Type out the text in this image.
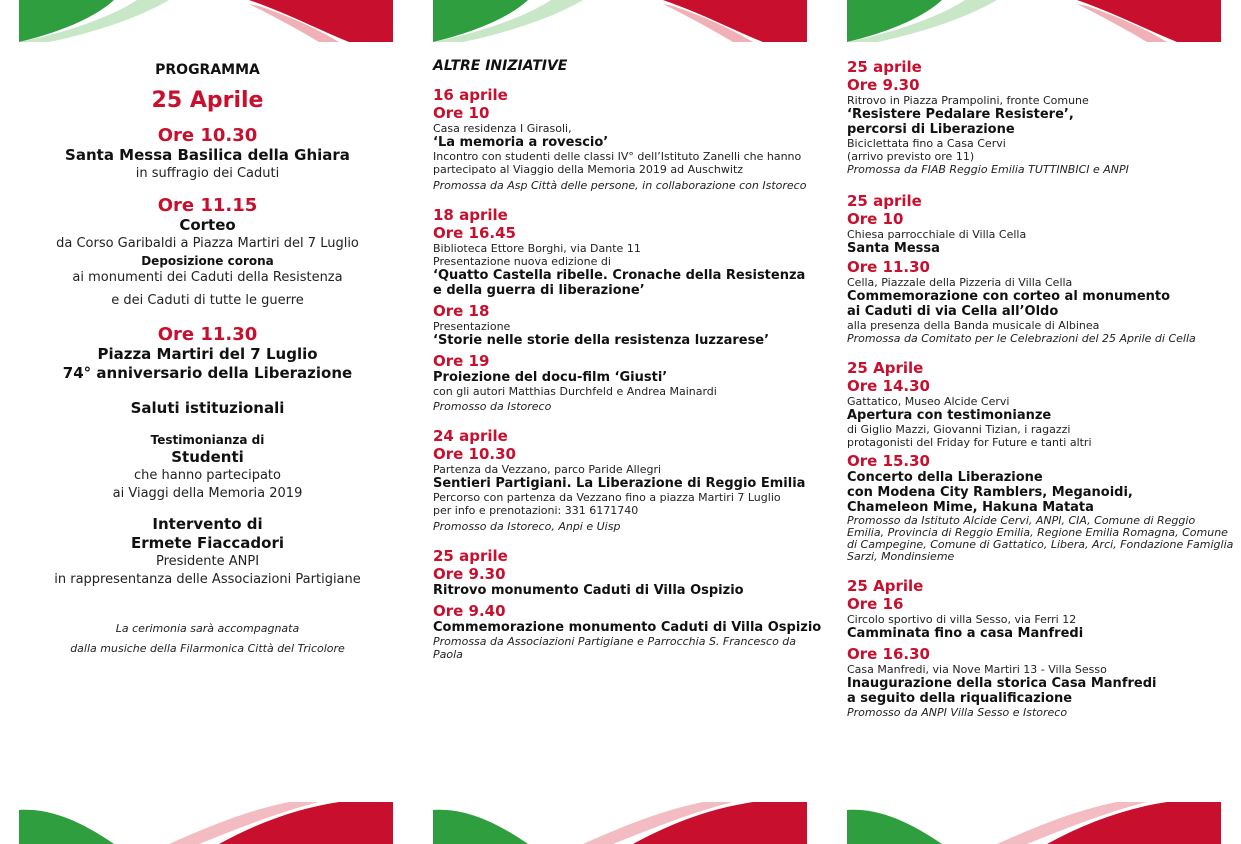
PROGRAMMA
25 Aprile
Ore 10.30
Santa Messa Basilica della Ghiara
in suffragio dei Caduti
Ore 11.15
Corteo
da Corso Garibaldi a Piazza Martiri del 7 Luglio
Deposizione corona
ai monumenti dei Caduti della Resistenza
e dei Caduti di tutte le guerre
Ore 11.30
Piazza Martiri del 7 Luglio
74° anniversario della Liberazione
Saluti istituzionali
Testimonianza di
Studenti
che hanno partecipato
ai Viaggi della Memoria 2019
Intervento di
Ermete Fiaccadori
Presidente ANPI
in rappresentanza delle Associazioni Partigiane
La cerimonia sarà accompagnata
dalla musiche della Filarmonica Città del Tricolore
ALTRE INIZIATIVE
16 aprile
Ore 10
Casa residenza I Girasoli,
‘La memoria a rovescio’
Incontro con studenti delle classi IV° dell’Istituto Zanelli che hanno
partecipato al Viaggio della Memoria 2019 ad Auschwitz
Promossa da Asp Città delle persone, in collaborazione con Istoreco
18 aprile
Ore 16.45
Biblioteca Ettore Borghi, via Dante 11
Presentazione nuova edizione di
‘Quatto Castella ribelle. Cronache della Resistenza
e della guerra di liberazione’
Ore 18
Presentazione
‘Storie nelle storie della resistenza luzzarese’
Ore 19
Proiezione del docu-film ‘Giusti’
con gli autori Matthias Durchfeld e Andrea Mainardi
Promosso da Istoreco
24 aprile
Ore 10.30
Partenza da Vezzano, parco Paride Allegri
Sentieri Partigiani. La Liberazione di Reggio Emilia
Percorso con partenza da Vezzano fino a piazza Martiri 7 Luglio
per info e prenotazioni: 331 6171740
Promosso da Istoreco, Anpi e Uisp
25 aprile
Ore 9.30
Ritrovo monumento Caduti di Villa Ospizio
Ore 9.40
Commemorazione monumento Caduti di Villa Ospizio
Promossa da Associazioni Partigiane e Parrocchia S. Francesco da Paola
25 aprile
Ore 9.30
Ritrovo in Piazza Prampolini, fronte Comune
‘Resistere Pedalare Resistere’,
percorsi di Liberazione
Biciclettata fino a Casa Cervi
(arrivo previsto ore 11)
Promossa da FIAB Reggio Emilia TUTTINBICI e ANPI
25 aprile
Ore 10
Chiesa parrocchiale di Villa Cella
Santa Messa
Ore 11.30
Cella, Piazzale della Pizzeria di Villa Cella
Commemorazione con corteo al monumento
ai Caduti di via Cella all’Oldo
alla presenza della Banda musicale di Albinea
Promossa da Comitato per le Celebrazioni del 25 Aprile di Cella
25 Aprile
Ore 14.30
Gattatico, Museo Alcide Cervi
Apertura con testimonianze
di Giglio Mazzi, Giovanni Tizian, i ragazzi
protagonisti del Friday for Future e tanti altri
Ore 15.30
Concerto della Liberazione
con Modena City Ramblers, Meganoidi,
Chameleon Mime, Hakuna Matata
Promosso da Istituto Alcide Cervi, ANPI, CIA, Comune di Reggio
Emilia, Provincia di Reggio Emilia, Regione Emilia Romagna, Comune
di Campegine, Comune di Gattatico, Libera, Arci, Fondazione Famiglia
Sarzi, Mondinsieme
25 Aprile
Ore 16
Circolo sportivo di villa Sesso, via Ferri 12
Camminata fino a casa Manfredi
Ore 16.30
Casa Manfredi, via Nove Martiri 13 - Villa Sesso
Inaugurazione della storica Casa Manfredi
a seguito della riqualificazione
Promosso da ANPI Villa Sesso e Istoreco
